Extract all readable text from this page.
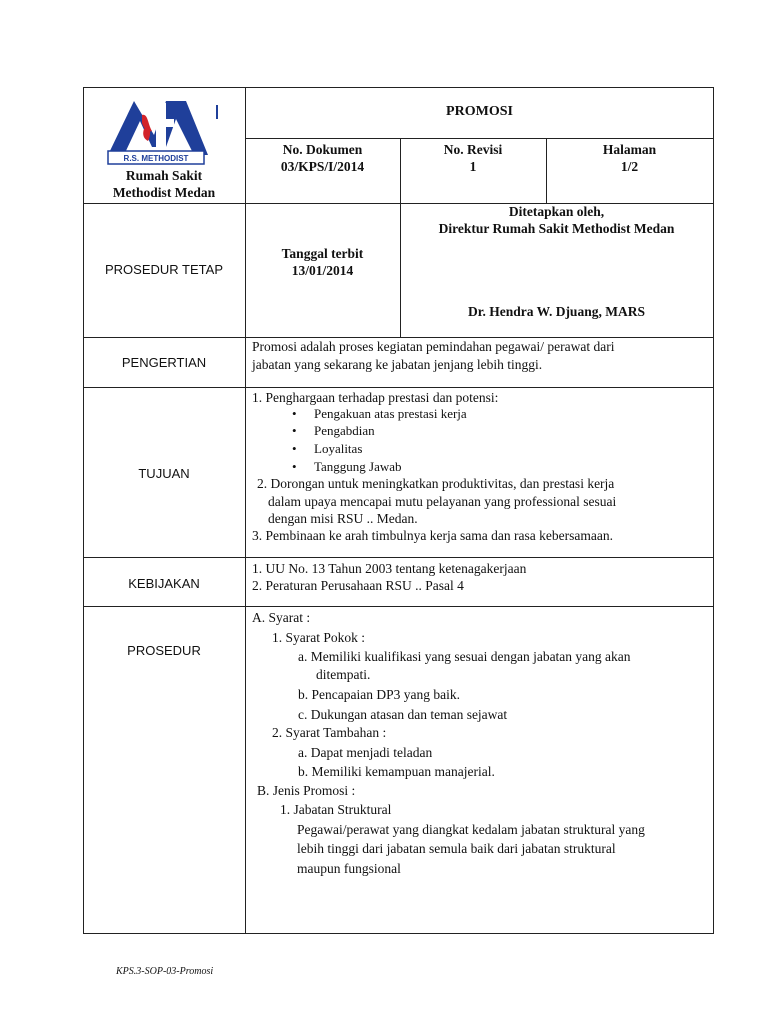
R.S. METHODIST
Rumah Sakit
Methodist Medan
PROMOSI
No. Dokumen
03/KPS/I/2014
No. Revisi
1
Halaman
1/2
PROSEDUR TETAP
Tanggal terbit
13/01/2014
Ditetapkan oleh,
Direktur Rumah Sakit Methodist Medan
Dr. Hendra W. Djuang, MARS
PENGERTIAN
Promosi adalah proses kegiatan pemindahan pegawai/ perawat dari
jabatan yang sekarang ke jabatan jenjang lebih tinggi.
TUJUAN
1. Penghargaan terhadap prestasi dan potensi:
• Pengakuan atas prestasi kerja
• Pengabdian
• Loyalitas
• Tanggung Jawab
2. Dorongan untuk meningkatkan produktivitas, dan prestasi kerja
dalam upaya mencapai mutu pelayanan yang professional sesuai
dengan misi RSU .. Medan.
3. Pembinaan ke arah timbulnya kerja sama dan rasa kebersamaan.
KEBIJAKAN
1. UU No. 13 Tahun 2003 tentang ketenagakerjaan
2. Peraturan Perusahaan RSU .. Pasal 4
PROSEDUR
A. Syarat :
1. Syarat Pokok :
a. Memiliki kualifikasi yang sesuai dengan jabatan yang akan
ditempati.
b. Pencapaian DP3 yang baik.
c. Dukungan atasan dan teman sejawat
2. Syarat Tambahan :
a. Dapat menjadi teladan
b. Memiliki kemampuan manajerial.
B. Jenis Promosi :
1. Jabatan Struktural
Pegawai/perawat yang diangkat kedalam jabatan struktural yang
lebih tinggi dari jabatan semula baik dari jabatan struktural
maupun fungsional
KPS.3-SOP-03-Promosi
